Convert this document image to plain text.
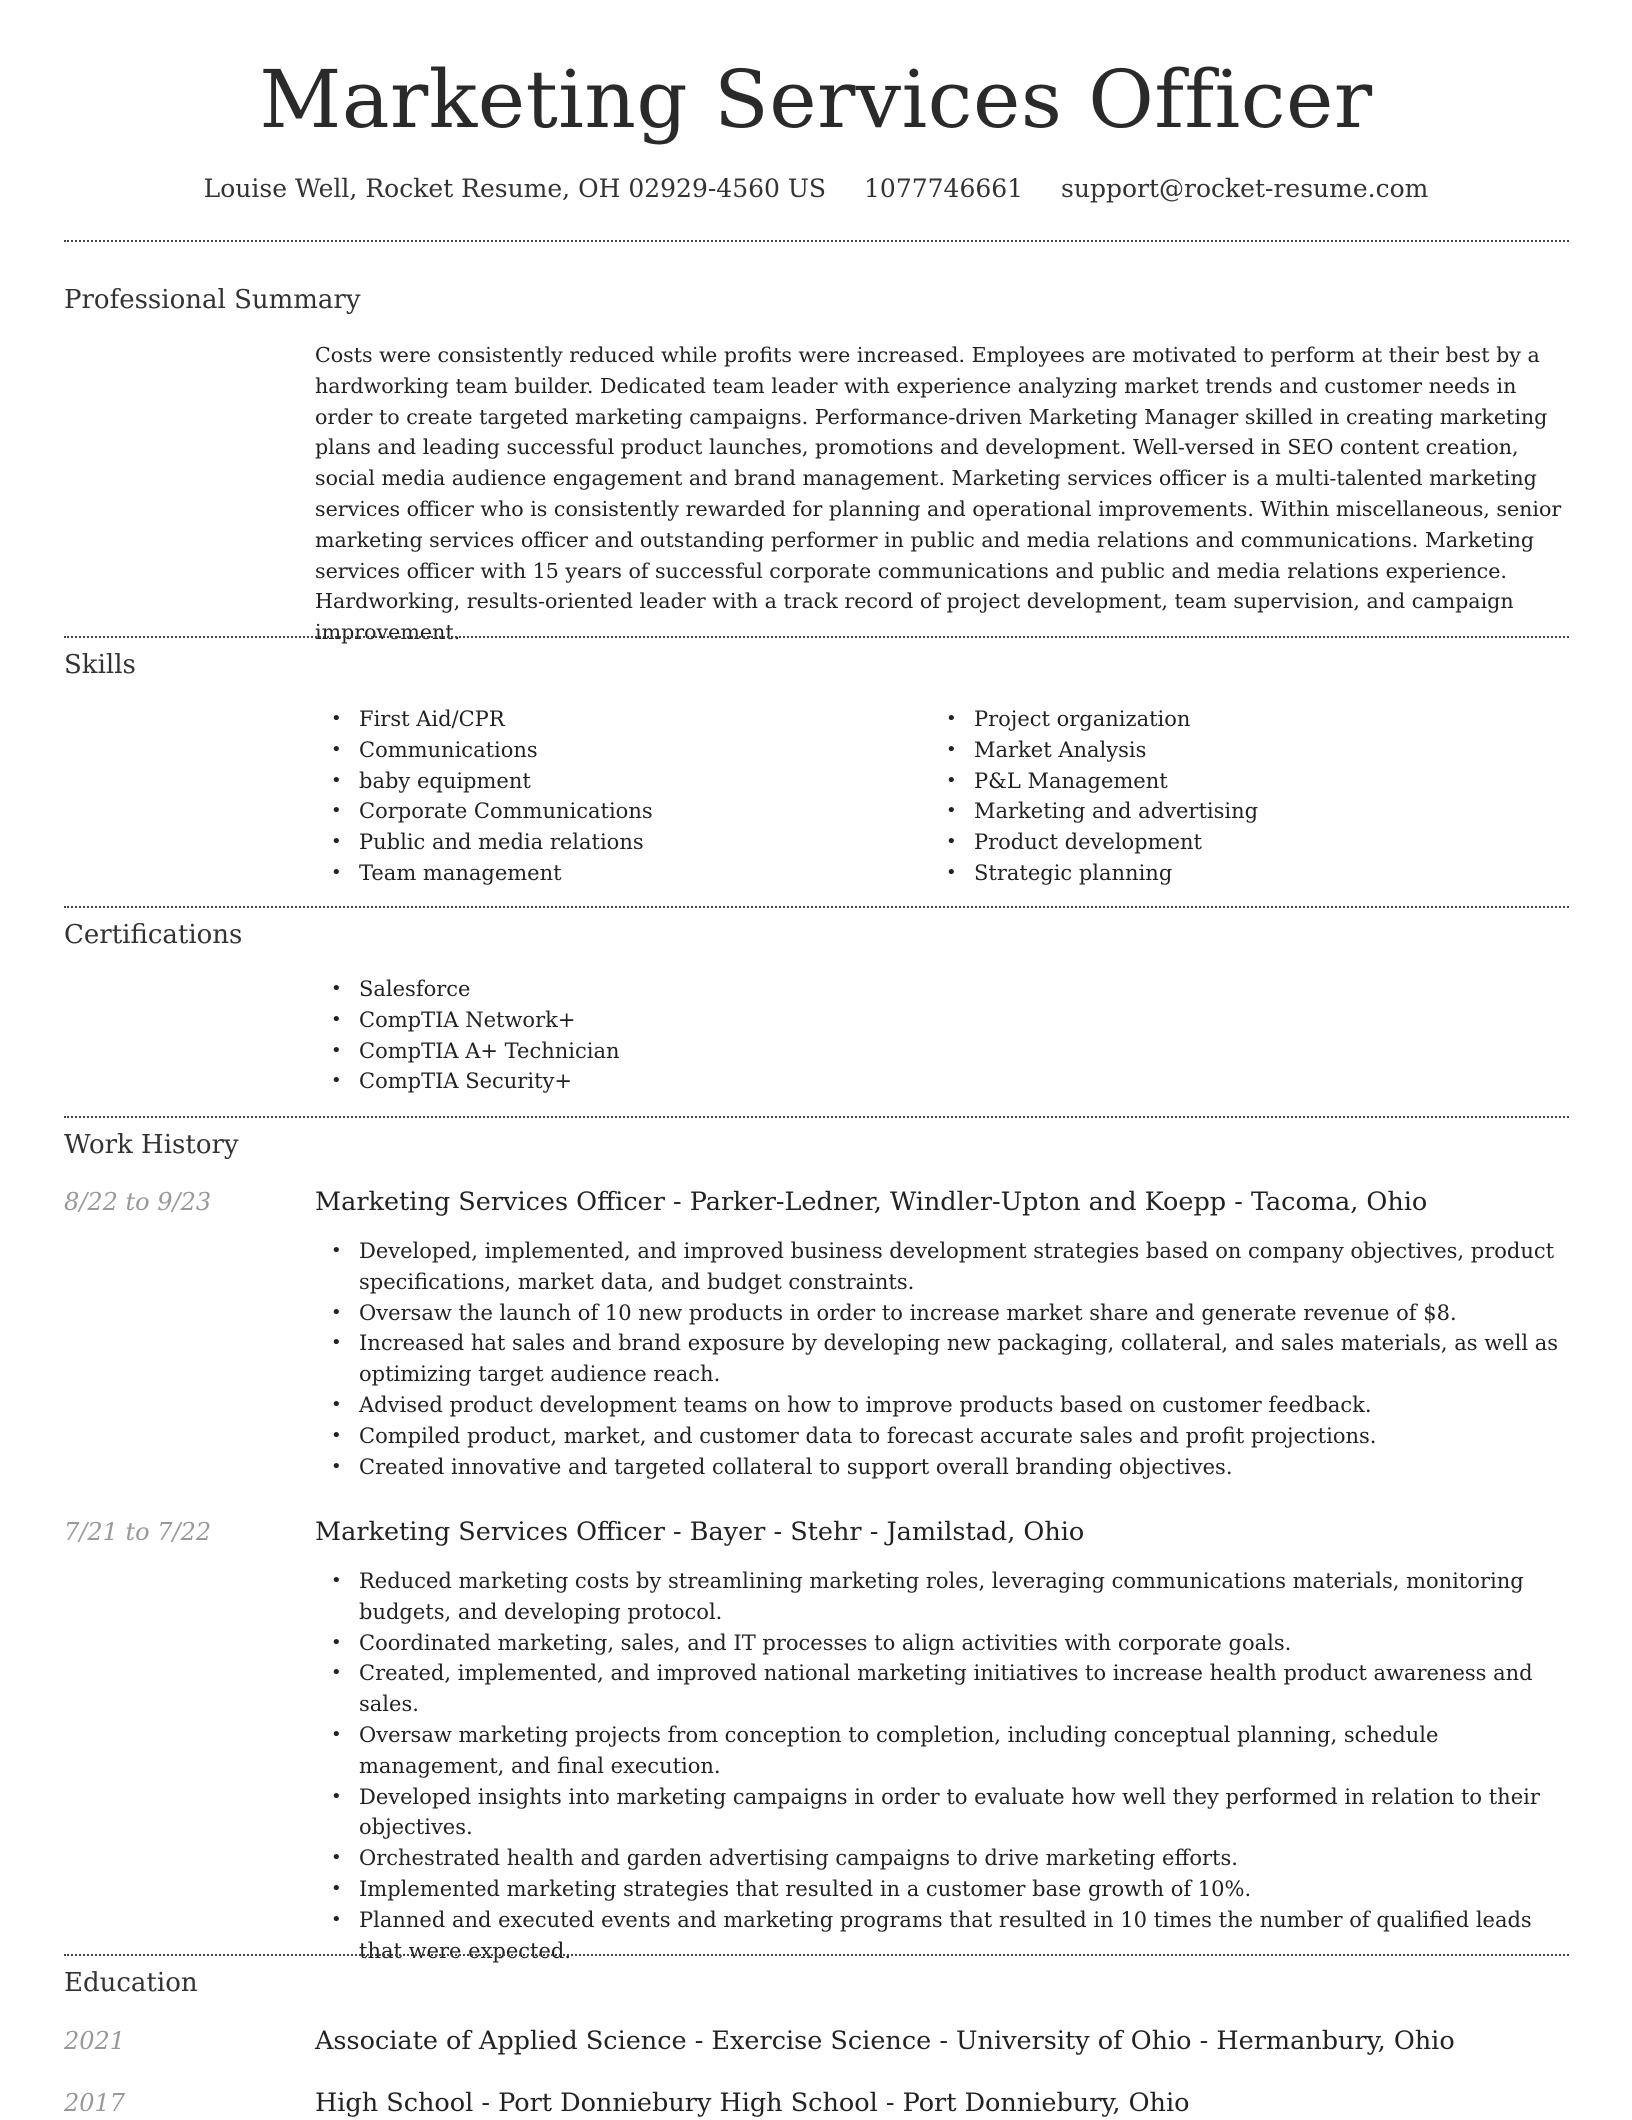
Marketing Services Officer
Louise Well, Rocket Resume, OH 02929-4560 US 1077746661 support@rocket-resume.com
Professional Summary
Costs were consistently reduced while profits were increased. Employees are motivated to perform at their best by a hardworking team builder. Dedicated team leader with experience analyzing market trends and customer needs in order to create targeted marketing campaigns. Performance-driven Marketing Manager skilled in creating marketing plans and leading successful product launches, promotions and development. Well-versed in SEO content creation, social media audience engagement and brand management. Marketing services officer is a multi-talented marketing services officer who is consistently rewarded for planning and operational improvements. Within miscellaneous, senior marketing services officer and outstanding performer in public and media relations and communications. Marketing services officer with 15 years of successful corporate communications and public and media relations experience. Hardworking, results-oriented leader with a track record of project development, team supervision, and campaign improvement.
Skills
• First Aid/CPR
• Communications
• baby equipment
• Corporate Communications
• Public and media relations
• Team management
• Project organization
• Market Analysis
• P&L Management
• Marketing and advertising
• Product development
• Strategic planning
Certifications
• Salesforce
• CompTIA Network+
• CompTIA A+ Technician
• CompTIA Security+
Work History
8/22 to 9/23	Marketing Services Officer - Parker-Ledner, Windler-Upton and Koepp - Tacoma, Ohio
• Developed, implemented, and improved business development strategies based on company objectives, product specifications, market data, and budget constraints.
• Oversaw the launch of 10 new products in order to increase market share and generate revenue of $8.
• Increased hat sales and brand exposure by developing new packaging, collateral, and sales materials, as well as optimizing target audience reach.
• Advised product development teams on how to improve products based on customer feedback.
• Compiled product, market, and customer data to forecast accurate sales and profit projections.
• Created innovative and targeted collateral to support overall branding objectives.
7/21 to 7/22	Marketing Services Officer - Bayer - Stehr - Jamilstad, Ohio
• Reduced marketing costs by streamlining marketing roles, leveraging communications materials, monitoring budgets, and developing protocol.
• Coordinated marketing, sales, and IT processes to align activities with corporate goals.
• Created, implemented, and improved national marketing initiatives to increase health product awareness and sales.
• Oversaw marketing projects from conception to completion, including conceptual planning, schedule management, and final execution.
• Developed insights into marketing campaigns in order to evaluate how well they performed in relation to their objectives.
• Orchestrated health and garden advertising campaigns to drive marketing efforts.
• Implemented marketing strategies that resulted in a customer base growth of 10%.
• Planned and executed events and marketing programs that resulted in 10 times the number of qualified leads that were expected.
Education
2021	Associate of Applied Science - Exercise Science - University of Ohio - Hermanbury, Ohio
2017	High School - Port Donniebury High School - Port Donniebury, Ohio
